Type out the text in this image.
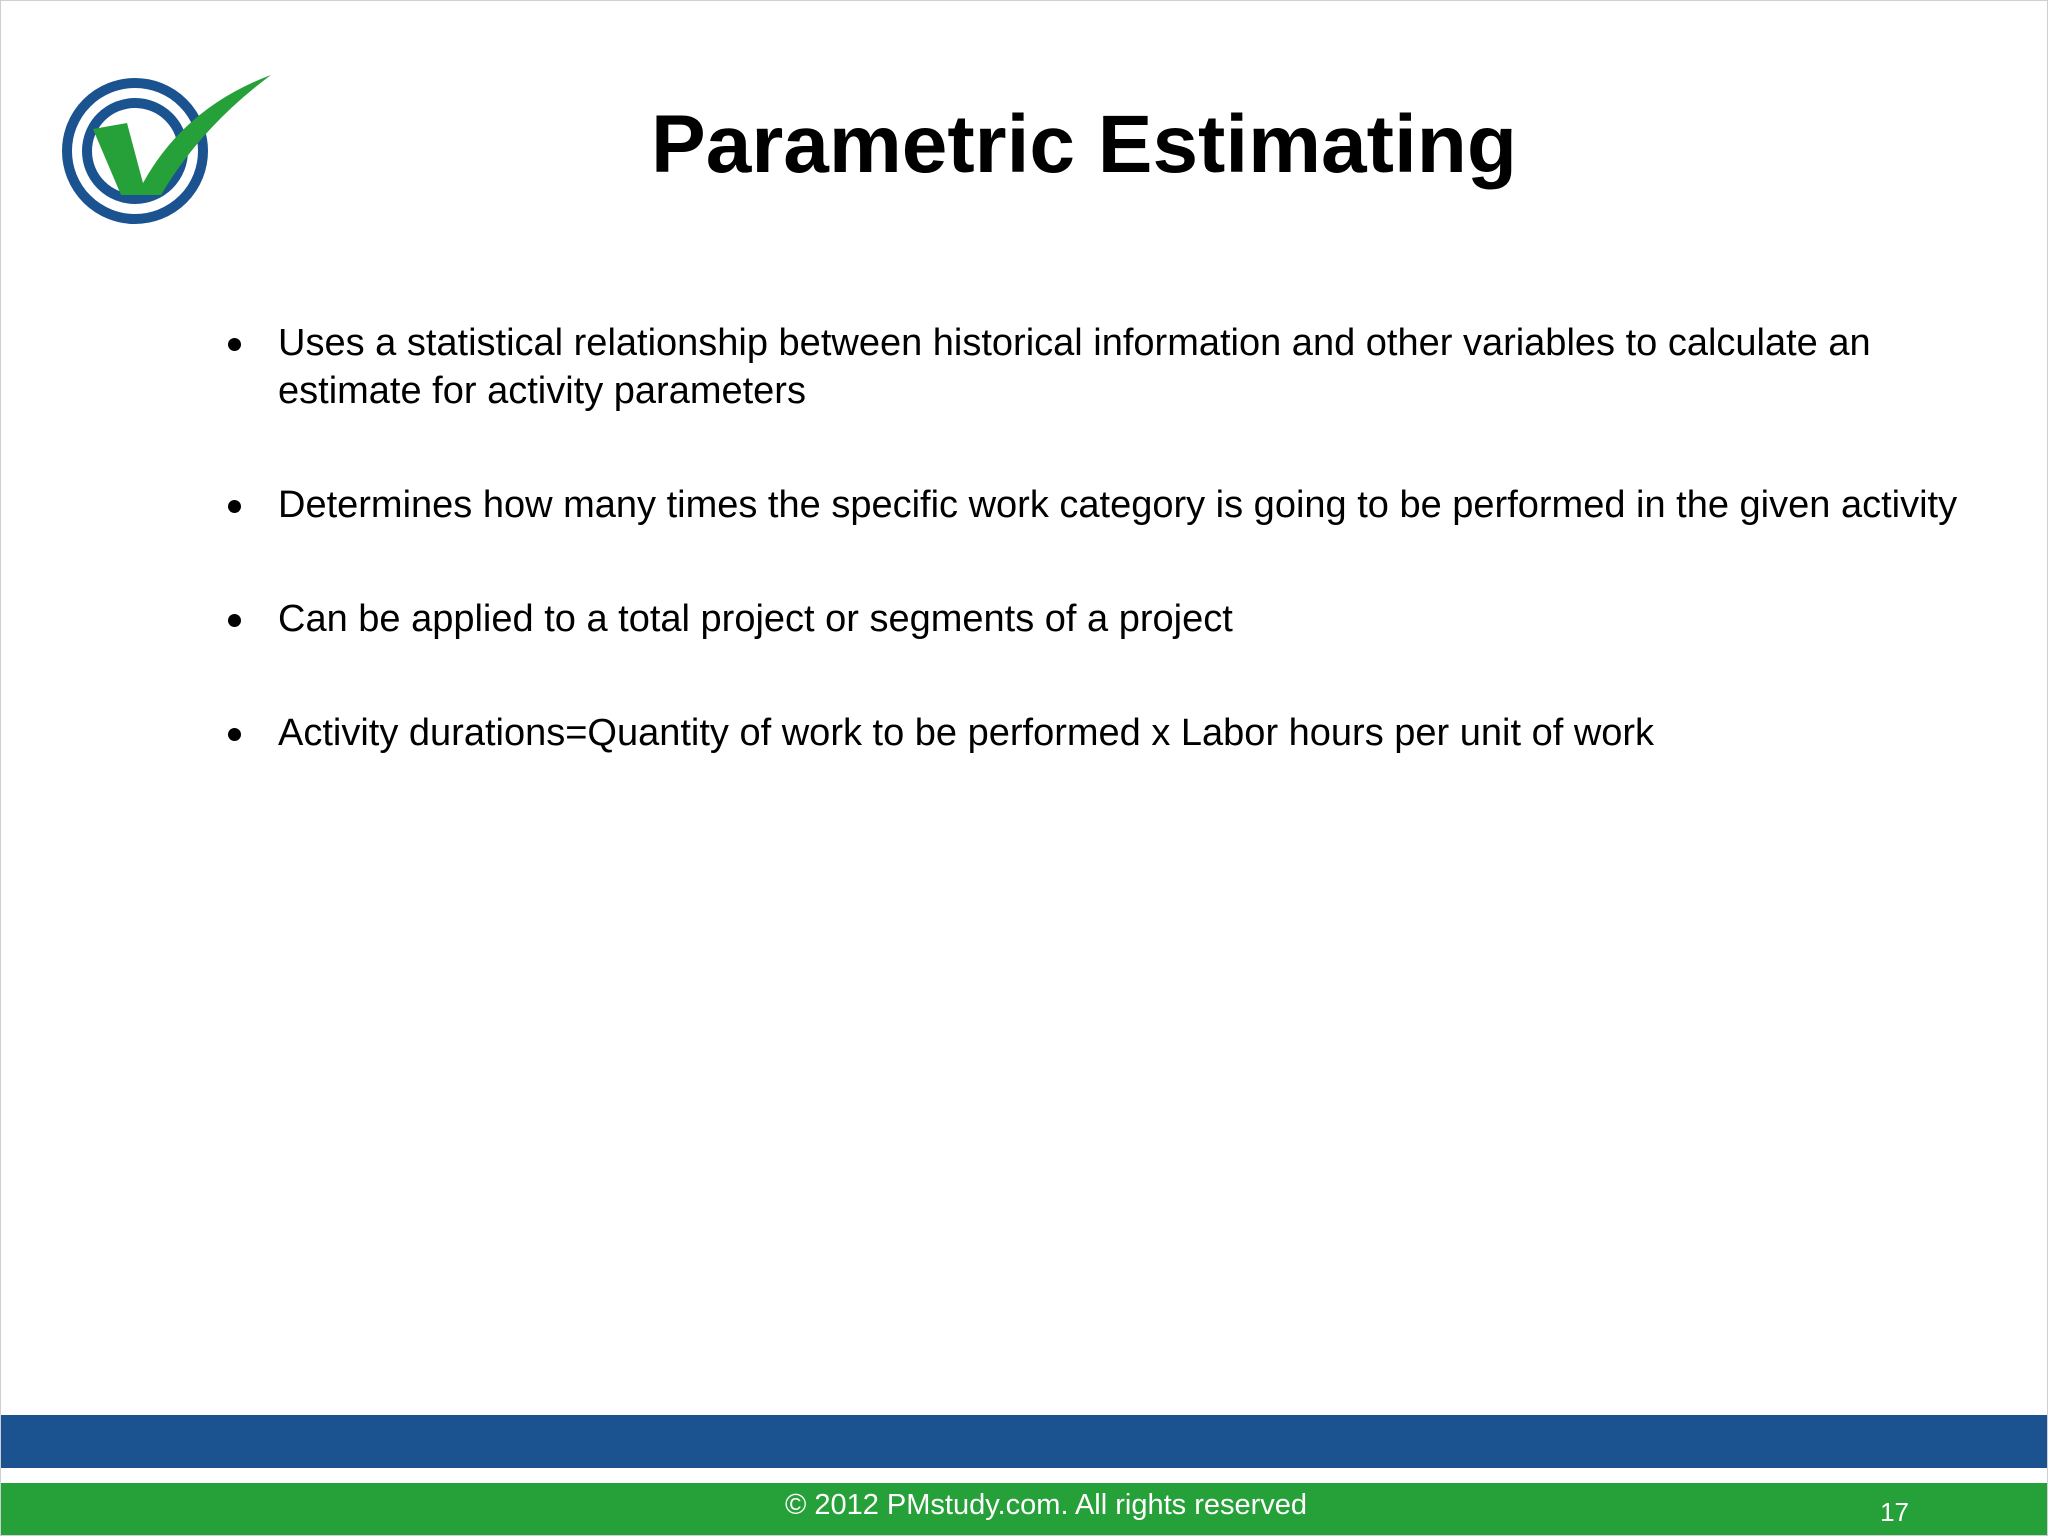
Parametric Estimating
Uses a statistical relationship between historical information and other variables to calculate an estimate for activity parameters
Determines how many times the specific work category is going to be performed in the given activity
Can be applied to a total project or segments of a project
Activity durations=Quantity of work to be performed x Labor hours per unit of work
© 2012 PMstudy.com. All rights reserved	17
